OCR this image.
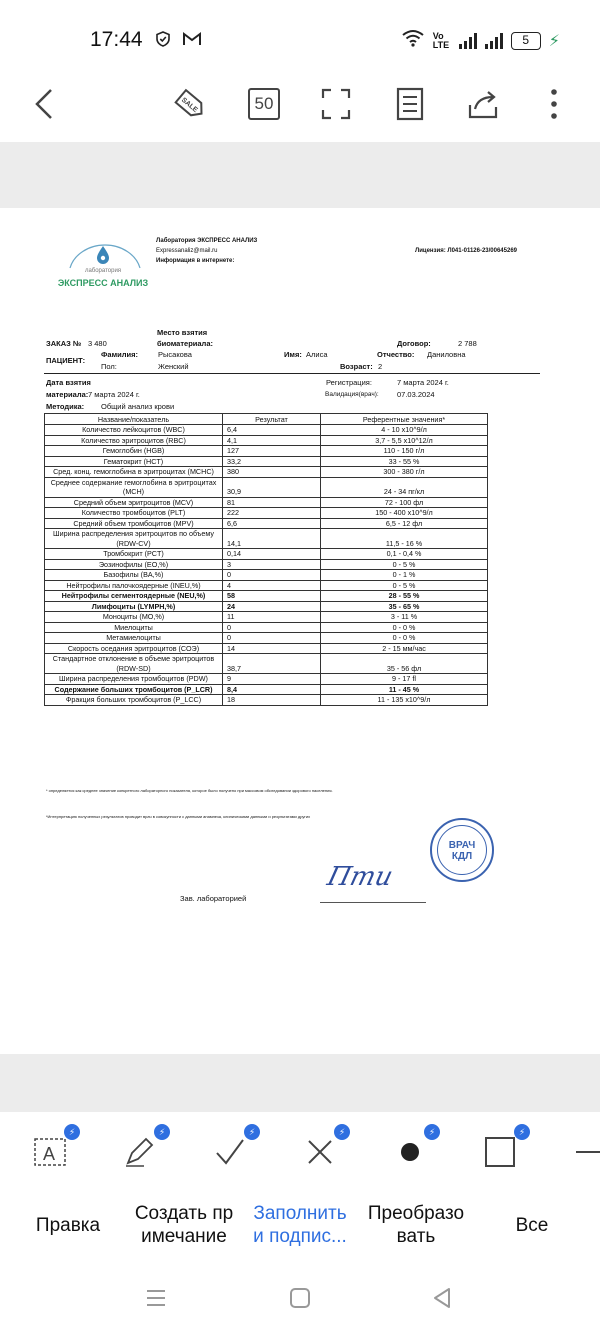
17:44	Vo LTE	5	⚡
SALE	50
лаборатория
ЭКСПРЕСС АНАЛИЗ
Лаборатория ЭКСПРЕСС АНАЛИЗ
Expressanaliz@mail.ru
Информация в интернете:
Лицензия: Л041-01126-23/00645269
Место взятия
ЗАКАЗ № 3 480	биоматериала:	Договор:	2 788
ПАЦИЕНТ:
Фамилия:	Рысакова	Имя: Алиса	Отчество: Даниловна
Пол:	Женский	Возраст: 2
Дата взятия	Регистрация:	7 марта 2024 г.
материала: 7 марта 2024 г.	Валидация(врач): 07.03.2024
Методика: Общий анализ крови
Название/показатель	Результат	Референтные значения*
Количество лейкоцитов (WBC)	6,4	4 - 10 x10^9/л
Количество эритроцитов (RBC)	4,1	3,7 - 5,5 x10^12/л
Гемоглобин (HGB)	127	110 - 150 г/л
Гематокрит (HCT)	33,2	33 - 55 %
Сред. конц. гемоглобина в эритроцитах (MCHC)	380	300 - 380 г/л
Среднее содержание гемоглобина в эритроцитах (MCH)	30,9	24 - 34 пг/кл
Средний объем эритроцитов (MCV)	81	72 - 100 фл
Количество тромбоцитов (PLT)	222	150 - 400 x10^9/л
Средний объем тромбоцитов (MPV)	6,6	6,5 - 12 фл
Ширина распределения эритроцитов по объему (RDW-CV)	14,1	11,5 - 16 %
Тромбокрит (PCT)	0,14	0,1 - 0,4 %
Эозинофилы (ЕО,%)	3	0 - 5 %
Базофилы (BA,%)	0	0 - 1 %
Нейтрофилы палочкоядерные (INEU,%)	4	0 - 5 %
Нейтрофилы сегментоядерные (NEU,%)	58	28 - 55 %
Лимфоциты (LYMPH,%)	24	35 - 65 %
Моноциты (MO,%)	11	3 - 11 %
Миелоциты	0	0 - 0 %
Метамиелоциты	0	0 - 0 %
Скорость оседания эритроцитов (СОЭ)	14	2 - 15 мм/час
Стандартное отклонение в объеме эритроцитов (RDW-SD)	38,7	35 - 56 фл
Ширина распределения тромбоцитов (PDW)	9	9 - 17 fl
Содержание больших тромбоцитов (P_LCR)	8,4	11 - 45 %
Фракция больших тромбоцитов (P_LCC)	18	11 - 135 x10^9/л
* определяется как среднее значение конкретного лабораторного показателя, которое было получено при массовом обследовании здорового населения.
*Интерпретацию полученных результатов проводит врач в совокупности с данными анамнеза, клиническими данными и результатами других
ВРАЧ
КДЛ
Пти
Зав. лабораторией
A
⚡	⚡	⚡	⚡	⚡	⚡
Правка
Создать пр
имечание
Заполнить
и подпис...
Преобразо
вать
Все
